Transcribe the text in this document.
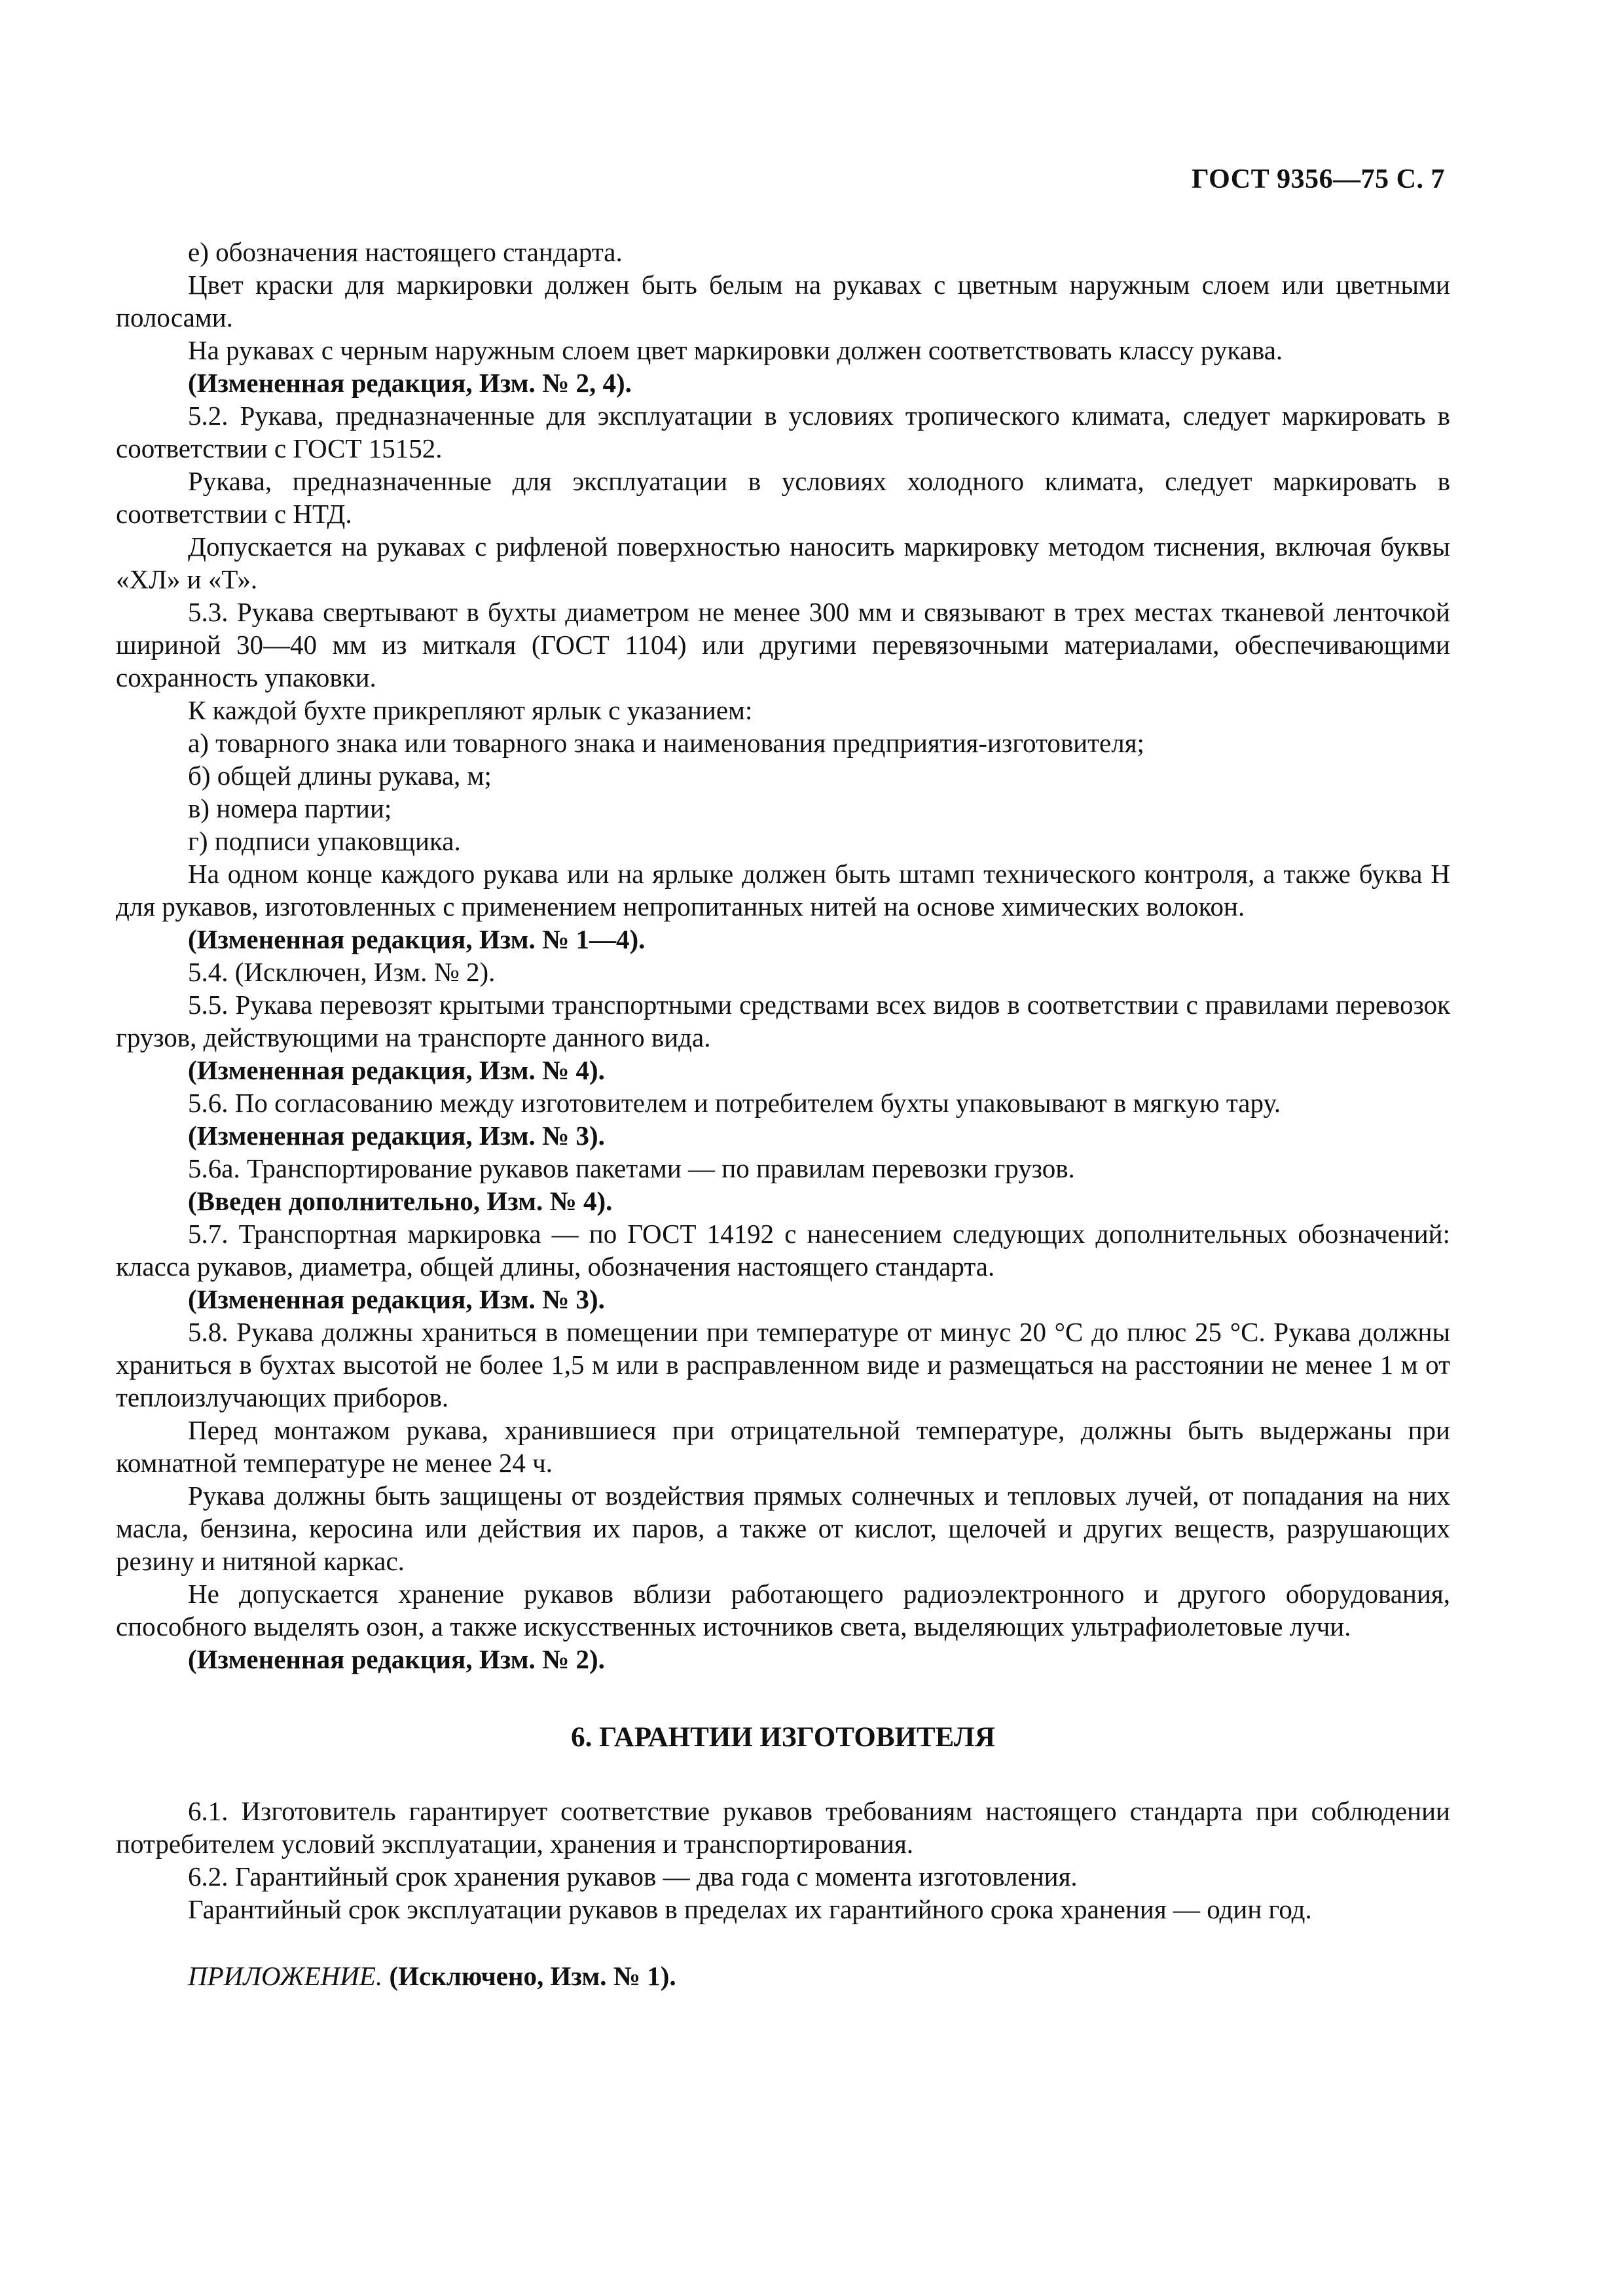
ГОСТ 9356—75 С. 7

е) обозначения настоящего стандарта.

Цвет краски для маркировки должен быть белым на рукавах с цветным наружным слоем или цветными полосами.

На рукавах с черным наружным слоем цвет маркировки должен соответствовать классу рукава.

(Измененная редакция, Изм. № 2, 4).

5.2. Рукава, предназначенные для эксплуатации в условиях тропического климата, следует маркировать в соответствии с ГОСТ 15152.

Рукава, предназначенные для эксплуатации в условиях холодного климата, следует маркировать в соответствии с НТД.

Допускается на рукавах с рифленой поверхностью наносить маркировку методом тиснения, включая буквы «ХЛ» и «Т».

5.3. Рукава свертывают в бухты диаметром не менее 300 мм и связывают в трех местах тканевой ленточкой шириной 30—40 мм из миткаля (ГОСТ 1104) или другими перевязочными материалами, обеспечивающими сохранность упаковки.

К каждой бухте прикрепляют ярлык с указанием:

а) товарного знака или товарного знака и наименования предприятия-изготовителя;

б) общей длины рукава, м;

в) номера партии;

г) подписи упаковщика.

На одном конце каждого рукава или на ярлыке должен быть штамп технического контроля, а также буква Н для рукавов, изготовленных с применением непропитанных нитей на основе химических волокон.

(Измененная редакция, Изм. № 1—4).

5.4. (Исключен, Изм. № 2).

5.5. Рукава перевозят крытыми транспортными средствами всех видов в соответствии с правилами перевозок грузов, действующими на транспорте данного вида.

(Измененная редакция, Изм. № 4).

5.6. По согласованию между изготовителем и потребителем бухты упаковывают в мягкую тару.

(Измененная редакция, Изм. № 3).

5.6а. Транспортирование рукавов пакетами — по правилам перевозки грузов.

(Введен дополнительно, Изм. № 4).

5.7. Транспортная маркировка — по ГОСТ 14192 с нанесением следующих дополнительных обозначений: класса рукавов, диаметра, общей длины, обозначения настоящего стандарта.

(Измененная редакция, Изм. № 3).

5.8. Рукава должны храниться в помещении при температуре от минус 20 °С до плюс 25 °С. Рукава должны храниться в бухтах высотой не более 1,5 м или в расправленном виде и размещаться на расстоянии не менее 1 м от теплоизлучающих приборов.

Перед монтажом рукава, хранившиеся при отрицательной температуре, должны быть выдержаны при комнатной температуре не менее 24 ч.

Рукава должны быть защищены от воздействия прямых солнечных и тепловых лучей, от попадания на них масла, бензина, керосина или действия их паров, а также от кислот, щелочей и других веществ, разрушающих резину и нитяной каркас.

Не допускается хранение рукавов вблизи работающего радиоэлектронного и другого оборудования, способного выделять озон, а также искусственных источников света, выделяющих ультрафиолетовые лучи.

(Измененная редакция, Изм. № 2).

6. ГАРАНТИИ ИЗГОТОВИТЕЛЯ

6.1. Изготовитель гарантирует соответствие рукавов требованиям настоящего стандарта при соблюдении потребителем условий эксплуатации, хранения и транспортирования.

6.2. Гарантийный срок хранения рукавов — два года с момента изготовления.

Гарантийный срок эксплуатации рукавов в пределах их гарантийного срока хранения — один год.

ПРИЛОЖЕНИЕ. (Исключено, Изм. № 1).
